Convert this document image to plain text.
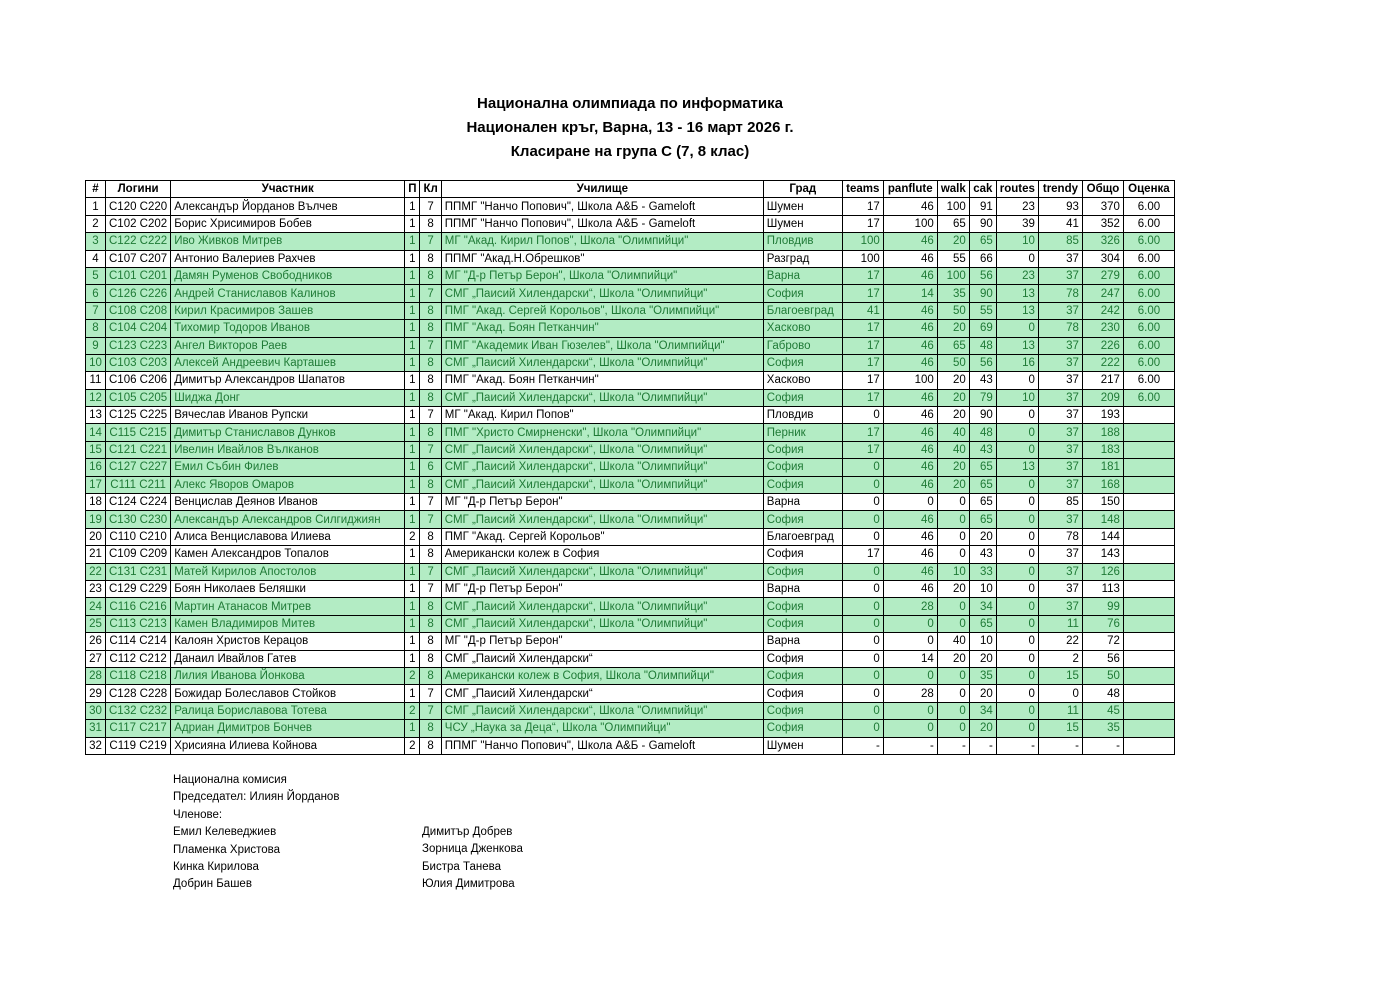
Национална олимпиада по информатика
Национален кръг, Варна, 13 - 16 март 2026 г.
Класиране на група C (7, 8 клас)
#	Логини	Участник	П	Кл	Училище	Град	teams	panflute	walk	cak	routes	trendy	Общо	Оценка
1	C120 C220	Александър Йорданов Вълчев	1	7	ППМГ "Нанчо Попович", Школа А&Б - Gameloft	Шумен	17	46	100	91	23	93	370	6.00
2	C102 C202	Борис Хрисимиров Бобев	1	8	ППМГ "Нанчо Попович", Школа А&Б - Gameloft	Шумен	17	100	65	90	39	41	352	6.00
3	C122 C222	Иво Живков Митрев	1	7	МГ "Акад. Кирил Попов", Школа "Олимпийци"	Пловдив	100	46	20	65	10	85	326	6.00
4	C107 C207	Антонио Валериев Рахчев	1	8	ППМГ "Акад.Н.Обрешков"	Разград	100	46	55	66	0	37	304	6.00
5	C101 C201	Дамян Руменов Свободников	1	8	МГ "Д-р Петър Берон", Школа "Олимпийци"	Варна	17	46	100	56	23	37	279	6.00
6	C126 C226	Андрей Станиславов Калинов	1	7	СМГ „Паисий Хилендарски“, Школа "Олимпийци"	София	17	14	35	90	13	78	247	6.00
7	C108 C208	Кирил Красимиров Зашев	1	8	ПМГ "Акад. Сергей Корольов", Школа "Олимпийци"	Благоевград	41	46	50	55	13	37	242	6.00
8	C104 C204	Тихомир Тодоров Иванов	1	8	ПМГ "Акад. Боян Петканчин"	Хасково	17	46	20	69	0	78	230	6.00
9	C123 C223	Ангел Викторов Раев	1	7	ПМГ "Академик Иван Гюзелев", Школа "Олимпийци"	Габрово	17	46	65	48	13	37	226	6.00
10	C103 C203	Алексей Андреевич Карташев	1	8	СМГ „Паисий Хилендарски“, Школа "Олимпийци"	София	17	46	50	56	16	37	222	6.00
11	C106 C206	Димитър Александров Шапатов	1	8	ПМГ "Акад. Боян Петканчин"	Хасково	17	100	20	43	0	37	217	6.00
12	C105 C205	Шиджа Донг	1	8	СМГ „Паисий Хилендарски“, Школа "Олимпийци"	София	17	46	20	79	10	37	209	6.00
13	C125 C225	Вячеслав Иванов Рупски	1	7	МГ "Акад. Кирил Попов"	Пловдив	0	46	20	90	0	37	193	
14	C115 C215	Димитър Станиславов Дунков	1	8	ПМГ "Христо Смирненски", Школа "Олимпийци"	Перник	17	46	40	48	0	37	188	
15	C121 C221	Ивелин Ивайлов Вълканов	1	7	СМГ „Паисий Хилендарски“, Школа "Олимпийци"	София	17	46	40	43	0	37	183	
16	C127 C227	Емил Събин Филев	1	6	СМГ „Паисий Хилендарски“, Школа "Олимпийци"	София	0	46	20	65	13	37	181	
17	C111 C211	Алекс Яворов Омаров	1	8	СМГ „Паисий Хилендарски“, Школа "Олимпийци"	София	0	46	20	65	0	37	168	
18	C124 C224	Венцислав Деянов Иванов	1	7	МГ "Д-р Петър Берон"	Варна	0	0	0	65	0	85	150	
19	C130 C230	Александър Александров Силгиджиян	1	7	СМГ „Паисий Хилендарски“, Школа "Олимпийци"	София	0	46	0	65	0	37	148	
20	C110 C210	Алиса Венциславова Илиева	2	8	ПМГ "Акад. Сергей Корольов"	Благоевград	0	46	0	20	0	78	144	
21	C109 C209	Камен Александров Топалов	1	8	Американски колеж в София	София	17	46	0	43	0	37	143	
22	C131 C231	Матей Кирилов Апостолов	1	7	СМГ „Паисий Хилендарски“, Школа "Олимпийци"	София	0	46	10	33	0	37	126	
23	C129 C229	Боян Николаев Беляшки	1	7	МГ "Д-р Петър Берон"	Варна	0	46	20	10	0	37	113	
24	C116 C216	Мартин Атанасов Митрев	1	8	СМГ „Паисий Хилендарски“, Школа "Олимпийци"	София	0	28	0	34	0	37	99	
25	C113 C213	Камен Владимиров Митев	1	8	СМГ „Паисий Хилендарски“, Школа "Олимпийци"	София	0	0	0	65	0	11	76	
26	C114 C214	Калоян Христов Керацов	1	8	МГ "Д-р Петър Берон"	Варна	0	0	40	10	0	22	72	
27	C112 C212	Данаил Ивайлов Гатев	1	8	СМГ „Паисий Хилендарски“	София	0	14	20	20	0	2	56	
28	C118 C218	Лилия Иванова Йонкова	2	8	Американски колеж в София, Школа "Олимпийци"	София	0	0	0	35	0	15	50	
29	C128 C228	Божидар Болеславов Стойков	1	7	СМГ „Паисий Хилендарски“	София	0	28	0	20	0	0	48	
30	C132 C232	Ралица Бориславова Тотева	2	7	СМГ „Паисий Хилендарски“, Школа "Олимпийци"	София	0	0	0	34	0	11	45	
31	C117 C217	Адриан Димитров Бончев	1	8	ЧСУ „Наука за Деца“, Школа "Олимпийци"	София	0	0	0	20	0	15	35	
32	C119 C219	Хрисияна Илиева Койнова	2	8	ППМГ "Нанчо Попович", Школа А&Б - Gameloft	Шумен	-	-	-	-	-	-	-	
Национална комисия
Председател: Илиян Йорданов
Членове:
Емил Келеведжиев
Пламенка Христова
Кинка Кирилова
Добрин Башев
Димитър Добрев
Зорница Дженкова
Бистра Танева
Юлия Димитрова
